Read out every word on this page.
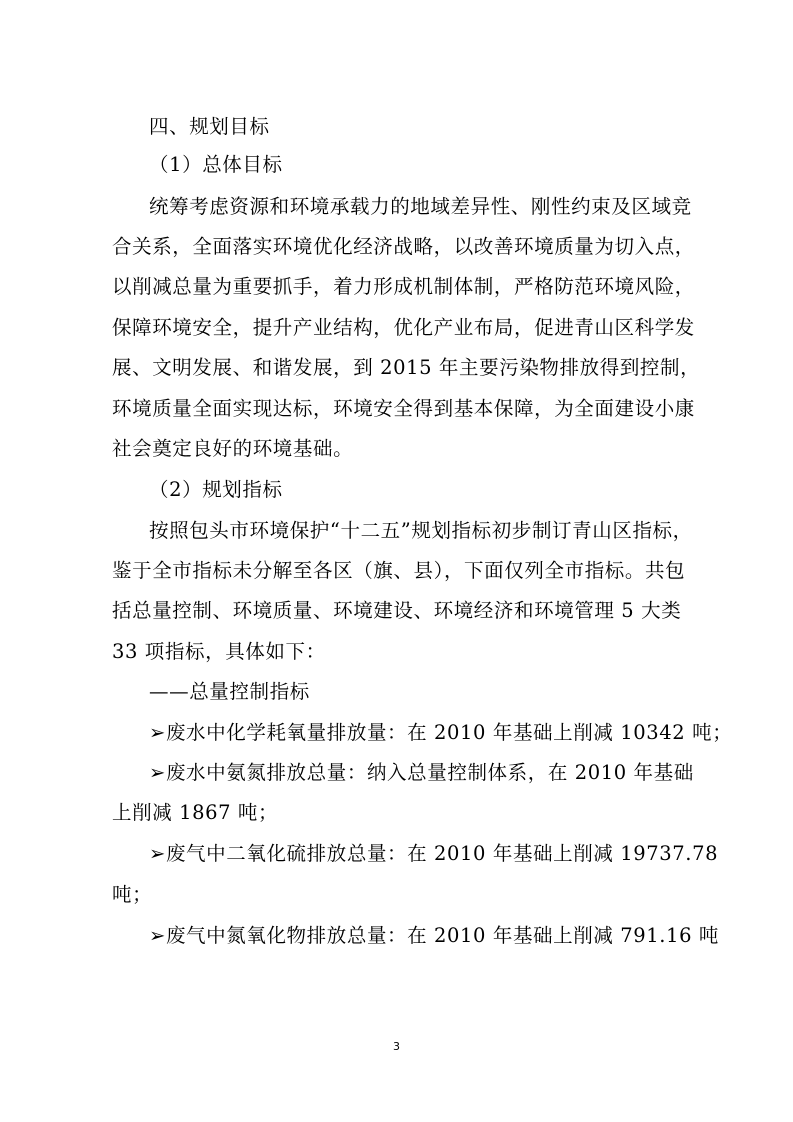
四、规划目标
（1）总体目标
统筹考虑资源和环境承载力的地域差异性、刚性约束及区域竞
合关系，全面落实环境优化经济战略，以改善环境质量为切入点，
以削减总量为重要抓手，着力形成机制体制，严格防范环境风险，
保障环境安全，提升产业结构，优化产业布局，促进青山区科学发
展、文明发展、和谐发展，到 2015 年主要污染物排放得到控制，
环境质量全面实现达标，环境安全得到基本保障，为全面建设小康
社会奠定良好的环境基础。
（2）规划指标
按照包头市环境保护“十二五”规划指标初步制订青山区指标，
鉴于全市指标未分解至各区（旗、县），下面仅列全市指标。共包
括总量控制、环境质量、环境建设、环境经济和环境管理 5 大类
33 项指标，具体如下：
——总量控制指标
➢废水中化学耗氧量排放量：在 2010 年基础上削减 10342 吨；
➢废水中氨氮排放总量：纳入总量控制体系，在 2010 年基础
上削减 1867 吨；
➢废气中二氧化硫排放总量：在 2010 年基础上削减 19737.78
吨；
➢废气中氮氧化物排放总量：在 2010 年基础上削减 791.16 吨
3
